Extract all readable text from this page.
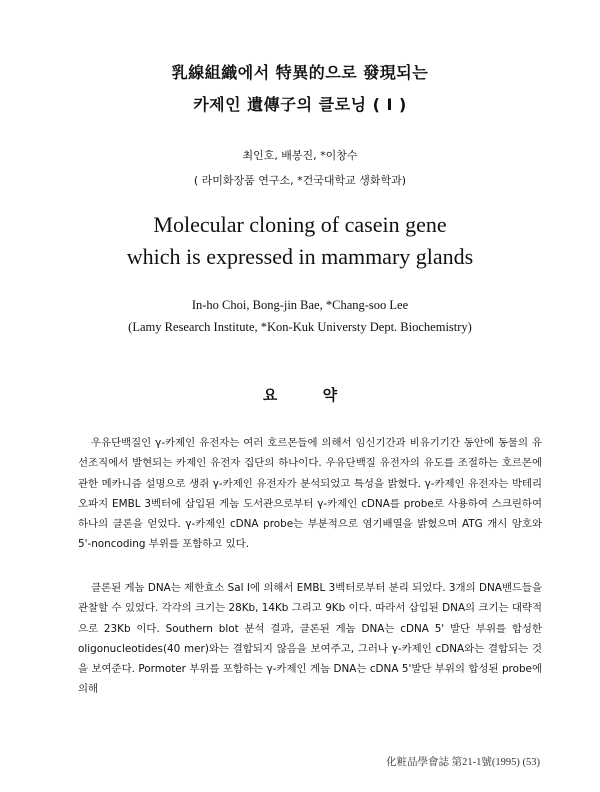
乳線組織에서 特異的으로 發現되는
카제인 遺傳子의 클로닝 ( I )
최인호, 배봉진, *이창수
( 라미화장품 연구소, *건국대학교 생화학과)
Molecular cloning of casein gene
which is expressed in mammary glands
In-ho Choi, Bong-jin Bae, *Chang-soo Lee
(Lamy Research Institute, *Kon-Kuk Universty Dept. Biochemistry)
요 약

우유단백질인 γ-카제인 유전자는 여러 호르몬들에 의해서 임신기간과 비유기기간 동안에 동물의 유선조직에서 발현되는 카제인 유전자 집단의 하나이다. 우유단백질 유전자의 유도를 조절하는 호르몬에 관한 메카니즘 설명으로 생쥐 γ-카제인 유전자가 분석되었고 특성을 밝혔다. γ-카제인 유전자는 박테리오파지 EMBL 3벡터에 삽입된 게놈 도서관으로부터 γ-카제인 cDNA를 probe로 사용하여 스크린하여 하나의 클론을 얻었다. γ-카제인 cDNA probe는 부분적으로 염기배열을 밝혔으며 ATG 개시 암호와 5'-noncoding 부위를 포함하고 있다.

클론된 게놈 DNA는 제한효소 Sal I에 의해서 EMBL 3벡터로부터 분리 되었다. 3개의 DNA밴드들을 관찰할 수 있었다. 각각의 크기는 28Kb, 14Kb 그리고 9Kb 이다. 따라서 삽입된 DNA의 크기는 대략적으로 23Kb 이다. Southern blot 분석 결과, 클론된 게놈 DNA는 cDNA 5' 발단 부위를 합성한 oligonucleotides(40 mer)와는 결합되지 않음을 보여주고, 그러나 γ-카제인 cDNA와는 결합되는 것을 보여준다. Pormoter 부위를 포함하는 γ-카제인 게놈 DNA는 cDNA 5'발단 부위의 합성된 probe에 의해

化粧品學會誌 第21-1號(1995) (53)
